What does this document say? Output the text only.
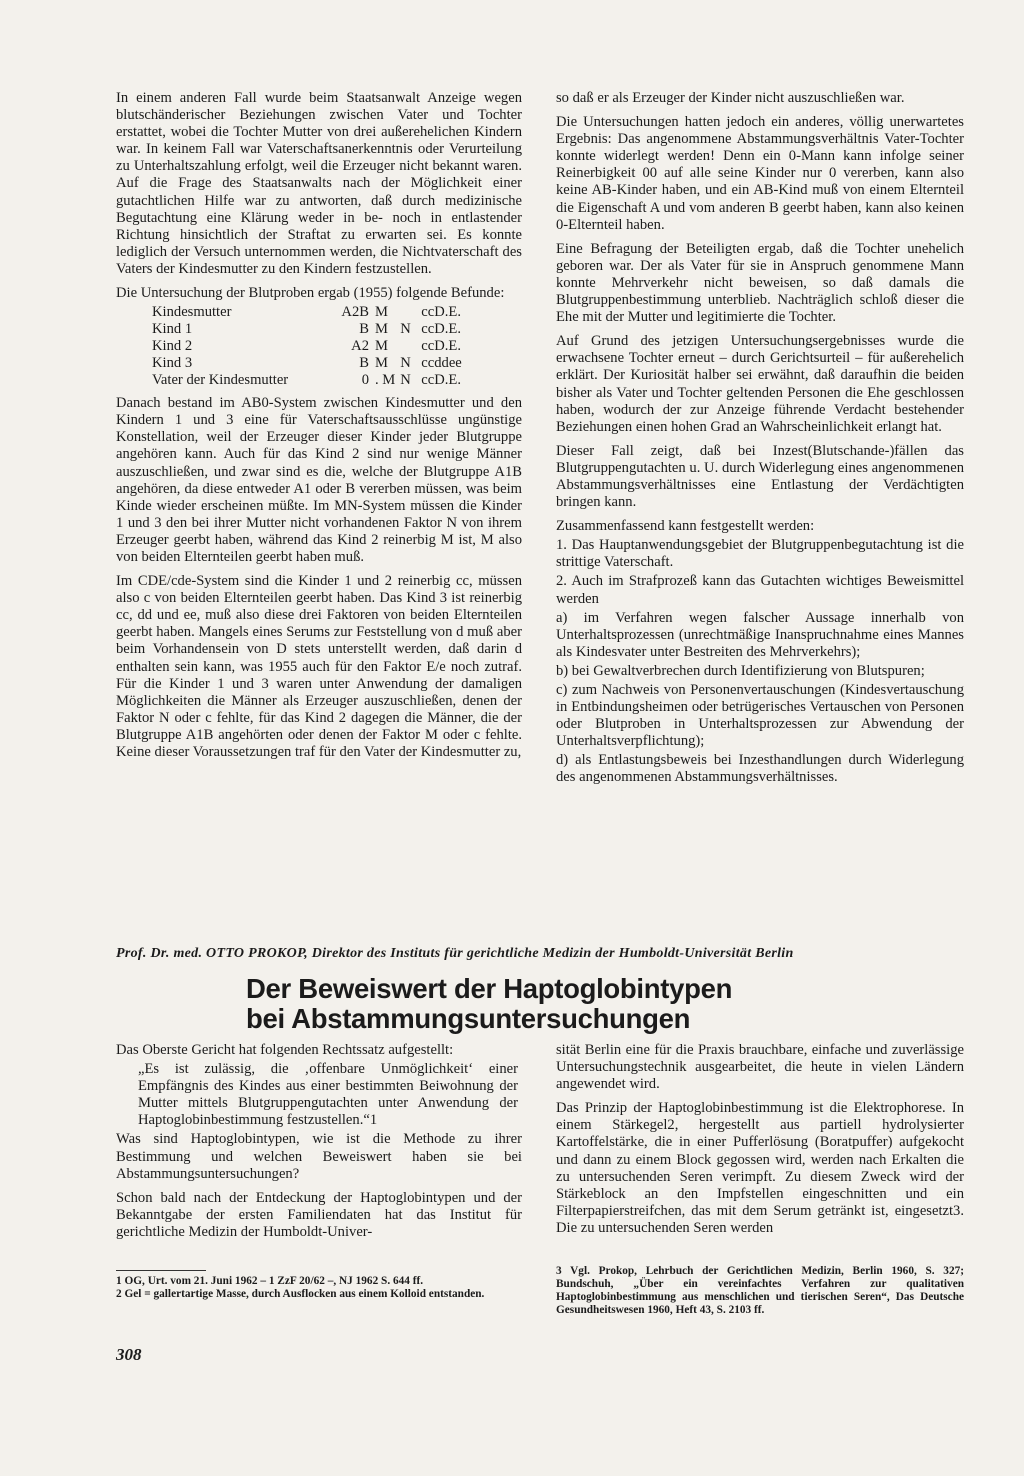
In einem anderen Fall wurde beim Staatsanwalt Anzeige wegen blutschänderischer Beziehungen zwischen Vater und Tochter erstattet, wobei die Tochter Mutter von drei außerehelichen Kindern war. In keinem Fall war Vaterschaftsanerkenntnis oder Verurteilung zu Unterhaltszahlung erfolgt, weil die Erzeuger nicht bekannt waren. Auf die Frage des Staatsanwalts nach der Möglichkeit einer gutachtlichen Hilfe war zu antworten, daß durch medizinische Begutachtung eine Klärung weder in be- noch in entlastender Richtung hinsichtlich der Straftat zu erwarten sei. Es konnte lediglich der Versuch unternommen werden, die Nichtvaterschaft des Vaters der Kindesmutter zu den Kindern festzustellen.

Die Untersuchung der Blutproben ergab (1955) folgende Befunde:

Kindesmutter	A2B	M		ccD.E.
Kind 1	B	M	N	ccD.E.
Kind 2	A2	M		ccD.E.
Kind 3	B	M	N	ccddee
Vater der Kindesmutter	0	. M	N	ccD.E.

Danach bestand im AB0-System zwischen Kindesmutter und den Kindern 1 und 3 eine für Vaterschaftsausschlüsse ungünstige Konstellation, weil der Erzeuger dieser Kinder jeder Blutgruppe angehören kann. Auch für das Kind 2 sind nur wenige Männer auszuschließen, und zwar sind es die, welche der Blutgruppe A1B angehören, da diese entweder A1 oder B vererben müssen, was beim Kinde wieder erscheinen müßte. Im MN-System müssen die Kinder 1 und 3 den bei ihrer Mutter nicht vorhandenen Faktor N von ihrem Erzeuger geerbt haben, während das Kind 2 reinerbig M ist, M also von beiden Elternteilen geerbt haben muß.

Im CDE/cde-System sind die Kinder 1 und 2 reinerbig cc, müssen also c von beiden Elternteilen geerbt haben. Das Kind 3 ist reinerbig cc, dd und ee, muß also diese drei Faktoren von beiden Elternteilen geerbt haben. Mangels eines Serums zur Feststellung von d muß aber beim Vorhandensein von D stets unterstellt werden, daß darin d enthalten sein kann, was 1955 auch für den Faktor E/e noch zutraf. Für die Kinder 1 und 3 waren unter Anwendung der damaligen Möglichkeiten die Männer als Erzeuger auszuschließen, denen der Faktor N oder c fehlte, für das Kind 2 dagegen die Männer, die der Blutgruppe A1B angehörten oder denen der Faktor M oder c fehlte. Keine dieser Voraussetzungen traf für den Vater der Kindesmutter zu,

so daß er als Erzeuger der Kinder nicht auszuschließen war.

Die Untersuchungen hatten jedoch ein anderes, völlig unerwartetes Ergebnis: Das angenommene Abstammungsverhältnis Vater-Tochter konnte widerlegt werden! Denn ein 0-Mann kann infolge seiner Reinerbigkeit 00 auf alle seine Kinder nur 0 vererben, kann also keine AB-Kinder haben, und ein AB-Kind muß von einem Elternteil die Eigenschaft A und vom anderen B geerbt haben, kann also keinen 0-Elternteil haben.

Eine Befragung der Beteiligten ergab, daß die Tochter unehelich geboren war. Der als Vater für sie in Anspruch genommene Mann konnte Mehrverkehr nicht beweisen, so daß damals die Blutgruppenbestimmung unterblieb. Nachträglich schloß dieser die Ehe mit der Mutter und legitimierte die Tochter.

Auf Grund des jetzigen Untersuchungsergebnisses wurde die erwachsene Tochter erneut – durch Gerichtsurteil – für außerehelich erklärt. Der Kuriosität halber sei erwähnt, daß daraufhin die beiden bisher als Vater und Tochter geltenden Personen die Ehe geschlossen haben, wodurch der zur Anzeige führende Verdacht bestehender Beziehungen einen hohen Grad an Wahrscheinlichkeit erlangt hat.

Dieser Fall zeigt, daß bei Inzest(Blutschande-)fällen das Blutgruppengutachten u. U. durch Widerlegung eines angenommenen Abstammungsverhältnisses eine Entlastung der Verdächtigten bringen kann.

Zusammenfassend kann festgestellt werden:

1. Das Hauptanwendungsgebiet der Blutgruppenbegutachtung ist die strittige Vaterschaft.

2. Auch im Strafprozeß kann das Gutachten wichtiges Beweismittel werden

a) im Verfahren wegen falscher Aussage innerhalb von Unterhaltsprozessen (unrechtmäßige Inanspruchnahme eines Mannes als Kindesvater unter Bestreiten des Mehrverkehrs);

b) bei Gewaltverbrechen durch Identifizierung von Blutspuren;

c) zum Nachweis von Personenvertauschungen (Kindesvertauschung in Entbindungsheimen oder betrügerisches Vertauschen von Personen oder Blutproben in Unterhaltsprozessen zur Abwendung der Unterhaltsverpflichtung);

d) als Entlastungsbeweis bei Inzesthandlungen durch Widerlegung des angenommenen Abstammungsverhältnisses.

Prof. Dr. med. OTTO PROKOP, Direktor des Instituts für gerichtliche Medizin der Humboldt-Universität Berlin
Der Beweiswert der Haptoglobintypen
bei Abstammungsuntersuchungen

Das Oberste Gericht hat folgenden Rechtssatz aufgestellt:

„Es ist zulässig, die ‚offenbare Unmöglichkeit‘ einer Empfängnis des Kindes aus einer bestimmten Beiwohnung der Mutter mittels Blutgruppengutachten unter Anwendung der Haptoglobinbestimmung festzustellen.“1

Was sind Haptoglobintypen, wie ist die Methode zu ihrer Bestimmung und welchen Beweiswert haben sie bei Abstammungsuntersuchungen?

Schon bald nach der Entdeckung der Haptoglobintypen und der Bekanntgabe der ersten Familiendaten hat das Institut für gerichtliche Medizin der Humboldt-Univer-

sität Berlin eine für die Praxis brauchbare, einfache und zuverlässige Untersuchungstechnik ausgearbeitet, die heute in vielen Ländern angewendet wird.

Das Prinzip der Haptoglobinbestimmung ist die Elektrophorese. In einem Stärkegel2, hergestellt aus partiell hydrolysierter Kartoffelstärke, die in einer Pufferlösung (Boratpuffer) aufgekocht und dann zu einem Block gegossen wird, werden nach Erkalten die zu untersuchenden Seren verimpft. Zu diesem Zweck wird der Stärkeblock an den Impfstellen eingeschnitten und ein Filterpapierstreifchen, das mit dem Serum getränkt ist, eingesetzt3. Die zu untersuchenden Seren werden

1 OG, Urt. vom 21. Juni 1962 – 1 ZzF 20/62 –, NJ 1962 S. 644 ff.

2 Gel = gallertartige Masse, durch Ausflocken aus einem Kolloid entstanden.

3 Vgl. Prokop, Lehrbuch der Gerichtlichen Medizin, Berlin 1960, S. 327; Bundschuh, „Über ein vereinfachtes Verfahren zur qualitativen Haptoglobinbestimmung aus menschlichen und tierischen Seren“, Das Deutsche Gesundheitswesen 1960, Heft 43, S. 2103 ff.

308
